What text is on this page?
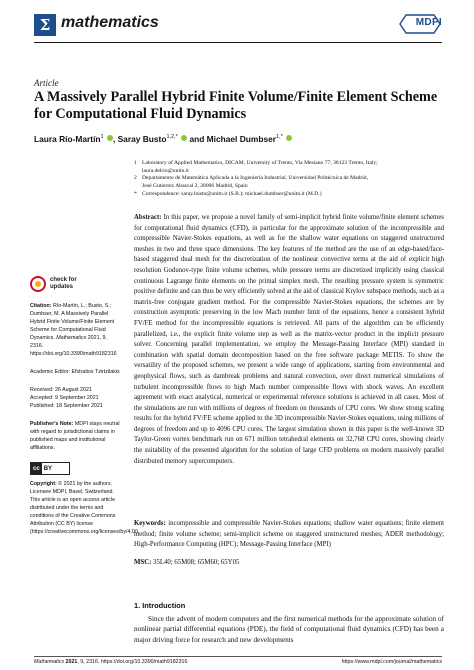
Σ mathematics	MDPI
Article
A Massively Parallel Hybrid Finite Volume/Finite Element Scheme for Computational Fluid Dynamics
Laura Río-Martín$^1$ , Saray Busto$^{1,2,*}$ and Michael Dumbser$^{1,*}$
1 Laboratory of Applied Mathematics, DICAM, University of Trento, Via Mesiano 77, 38123 Trento, Italy;
laura.delrio@unitn.it
2 Departamento de Matemática Aplicada a la Ingeniería Industrial, Universidad Politécnica de Madrid,
José Gutierrez Abascal 2, 28006 Madrid, Spain
* Correspondence: saray.busto@unitn.it (S.B.); michael.dumbser@unitn.it (M.D.)
Abstract: In this paper, we propose a novel family of semi-implicit hybrid finite volume/finite element schemes for computational fluid dynamics (CFD), in particular for the approximate solution of the incompressible and compressible Navier-Stokes equations, as well as for the shallow water equations on staggered unstructured meshes in two and three space dimensions. The key features of the method are the use of an edge-based/face-based staggered dual mesh for the discretization of the nonlinear convective terms at the aid of explicit high resolution Godunov-type finite volume schemes, while pressure terms are discretized implicitly using classical continuous Lagrange finite elements on the primal simplex mesh. The resulting pressure system is symmetric positive definite and can thus be very efficiently solved at the aid of classical Krylov subspace methods, such as a matrix-free conjugate gradient method. For the compressible Navier-Stokes equations, the schemes are by construction asymptotic preserving in the low Mach number limit of the equations, hence a consistent hybrid FV/FE method for the incompressible equations is retrieved. All parts of the algorithm can be efficiently parallelized, i.e., the explicit finite volume step as well as the matrix-vector product in the implicit pressure solver. Concerning parallel implementation, we employ the Message-Passing Interface (MPI) standard in combination with spatial domain decomposition based on the free software package METIS. To show the versatility of the proposed schemes, we present a wide range of applications, starting from environmental and geophysical flows, such as dambreak problems and natural convection, over direct numerical simulations of turbulent incompressible flows to high Mach number compressible flows with shock waves. An excellent agreement with exact analytical, numerical or experimental reference solutions is achieved in all cases. Most of the simulations are run with millions of degrees of freedom on thousands of CPU cores. We show strong scaling results for the hybrid FV/FE scheme applied to the 3D incompressible Navier-Stokes equations, using millions of degrees of freedom and up to 4096 CPU cores. The largest simulation shown in this paper is the well-known 3D Taylor-Green vortex benchmark run on 671 million tetrahedral elements on 32,768 CPU cores, showing clearly the suitability of the presented algorithm for the solution of large CFD problems on modern massively parallel distributed memory supercomputers.
Keywords: incompressible and compressible Navier-Stokes equations; shallow water equations; finite element method; finite volume scheme; semi-implicit scheme on staggered unstructured meshes; ADER methodology; High-Performance Computing (HPC); Message-Passing Interface (MPI)
MSC: 35L40; 65M08; 65M60; 65Y05
1. Introduction
Since the advent of modern computers and the first numerical methods for the approximate solution of nonlinear partial differential equations (PDE), the field of computational fluid dynamics (CFD) has been a major driving force for research and new developments
check for
updates
Citation: Río-Martín, L.; Busto, S.; Dumbser, M. A Massively Parallel Hybrid Finite Volume/Finite Element Scheme for Computational Fluid Dynamics. Mathematics 2021, 9, 2316. https://doi.org/10.3390/math9182316
Academic Editor: Efstratios Tzirtzilakis
Received: 26 August 2021
Accepted: 9 September 2021
Published: 18 September 2021
Publisher's Note: MDPI stays neutral with regard to jurisdictional claims in published maps and institutional affiliations.
cc BY
Copyright: © 2021 by the authors. Licensee MDPI, Basel, Switzerland. This article is an open access article distributed under the terms and conditions of the Creative Commons Attribution (CC BY) license (https://creativecommons.org/licenses/by/4.0/).
Mathematics 2021, 9, 2316. https://doi.org/10.3390/math9182316	https://www.mdpi.com/journal/mathematics
